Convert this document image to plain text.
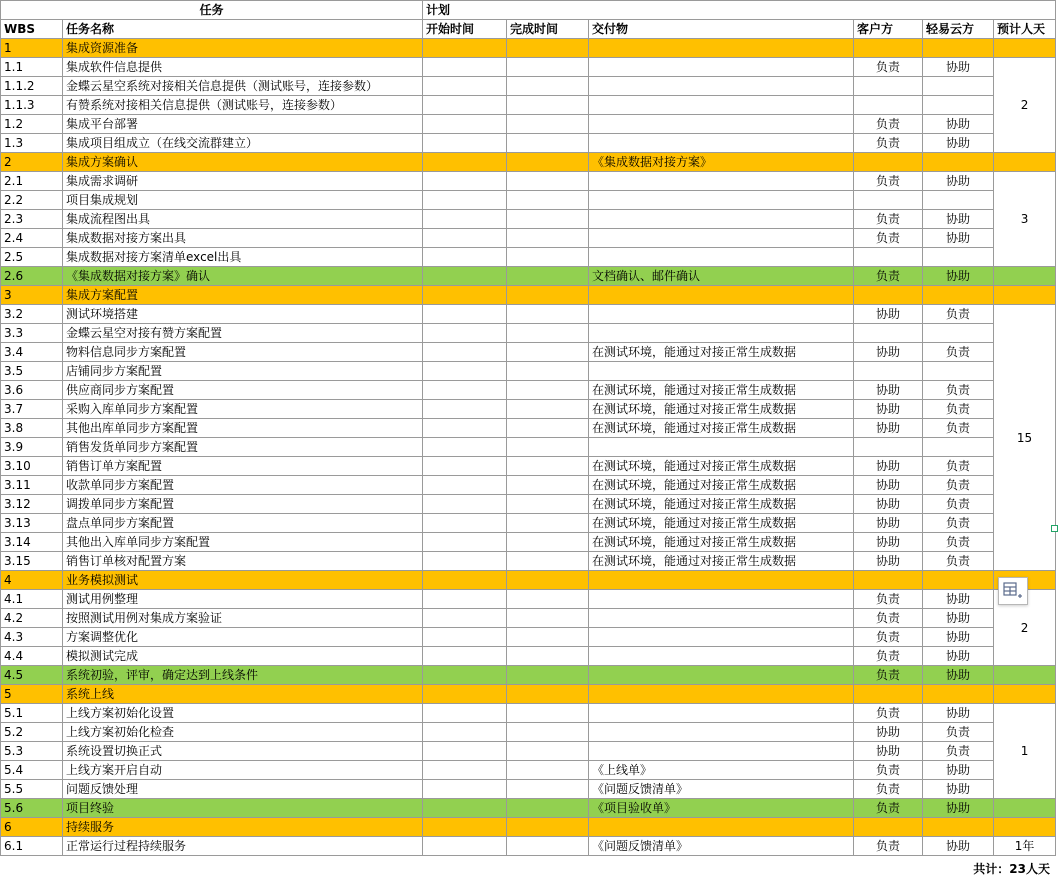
任务		计划					
WBS	任务名称	开始时间	完成时间	交付物	客户方	轻易云方	预计人天
1	集成资源准备						
1.1	集成软件信息提供				负责	协助	2
1.1.2	金蝶云星空系统对接相关信息提供（测试账号，连接参数）						
1.1.3	有赞系统对接相关信息提供（测试账号，连接参数）						
1.2	集成平台部署				负责	协助	
1.3	集成项目组成立（在线交流群建立）				负责	协助	
2	集成方案确认			《集成数据对接方案》			
2.1	集成需求调研				负责	协助	3
2.2	项目集成规划						
2.3	集成流程图出具				负责	协助	
2.4	集成数据对接方案出具				负责	协助	
2.5	集成数据对接方案清单excel出具						
2.6	《集成数据对接方案》确认			文档确认、邮件确认	负责	协助	
3	集成方案配置						
3.2	测试环境搭建				协助	负责	15
3.3	金蝶云星空对接有赞方案配置						
3.4	物料信息同步方案配置			在测试环境，能通过对接正常生成数据	协助	负责	
3.5	店铺同步方案配置						
3.6	供应商同步方案配置			在测试环境，能通过对接正常生成数据	协助	负责	
3.7	采购入库单同步方案配置			在测试环境，能通过对接正常生成数据	协助	负责	
3.8	其他出库单同步方案配置			在测试环境，能通过对接正常生成数据	协助	负责	
3.9	销售发货单同步方案配置						
3.10	销售订单方案配置			在测试环境，能通过对接正常生成数据	协助	负责	
3.11	收款单同步方案配置			在测试环境，能通过对接正常生成数据	协助	负责	
3.12	调拨单同步方案配置			在测试环境，能通过对接正常生成数据	协助	负责	
3.13	盘点单同步方案配置			在测试环境，能通过对接正常生成数据	协助	负责	
3.14	其他出入库单同步方案配置			在测试环境，能通过对接正常生成数据	协助	负责	
3.15	销售订单核对配置方案			在测试环境，能通过对接正常生成数据	协助	负责	
4	业务模拟测试						
4.1	测试用例整理				负责	协助	2
4.2	按照测试用例对集成方案验证				负责	协助	
4.3	方案调整优化				负责	协助	
4.4	模拟测试完成				负责	协助	
4.5	系统初验，评审，确定达到上线条件				负责	协助	
5	系统上线						
5.1	上线方案初始化设置				负责	协助	1
5.2	上线方案初始化检查				协助	负责	
5.3	系统设置切换正式				协助	负责	
5.4	上线方案开启自动			《上线单》	负责	协助	
5.5	问题反馈处理			《问题反馈清单》	负责	协助	
5.6	项目终验			《项目验收单》	负责	协助	
6	持续服务						
6.1	正常运行过程持续服务			《问题反馈清单》	负责	协助	1年
共计：23人天
